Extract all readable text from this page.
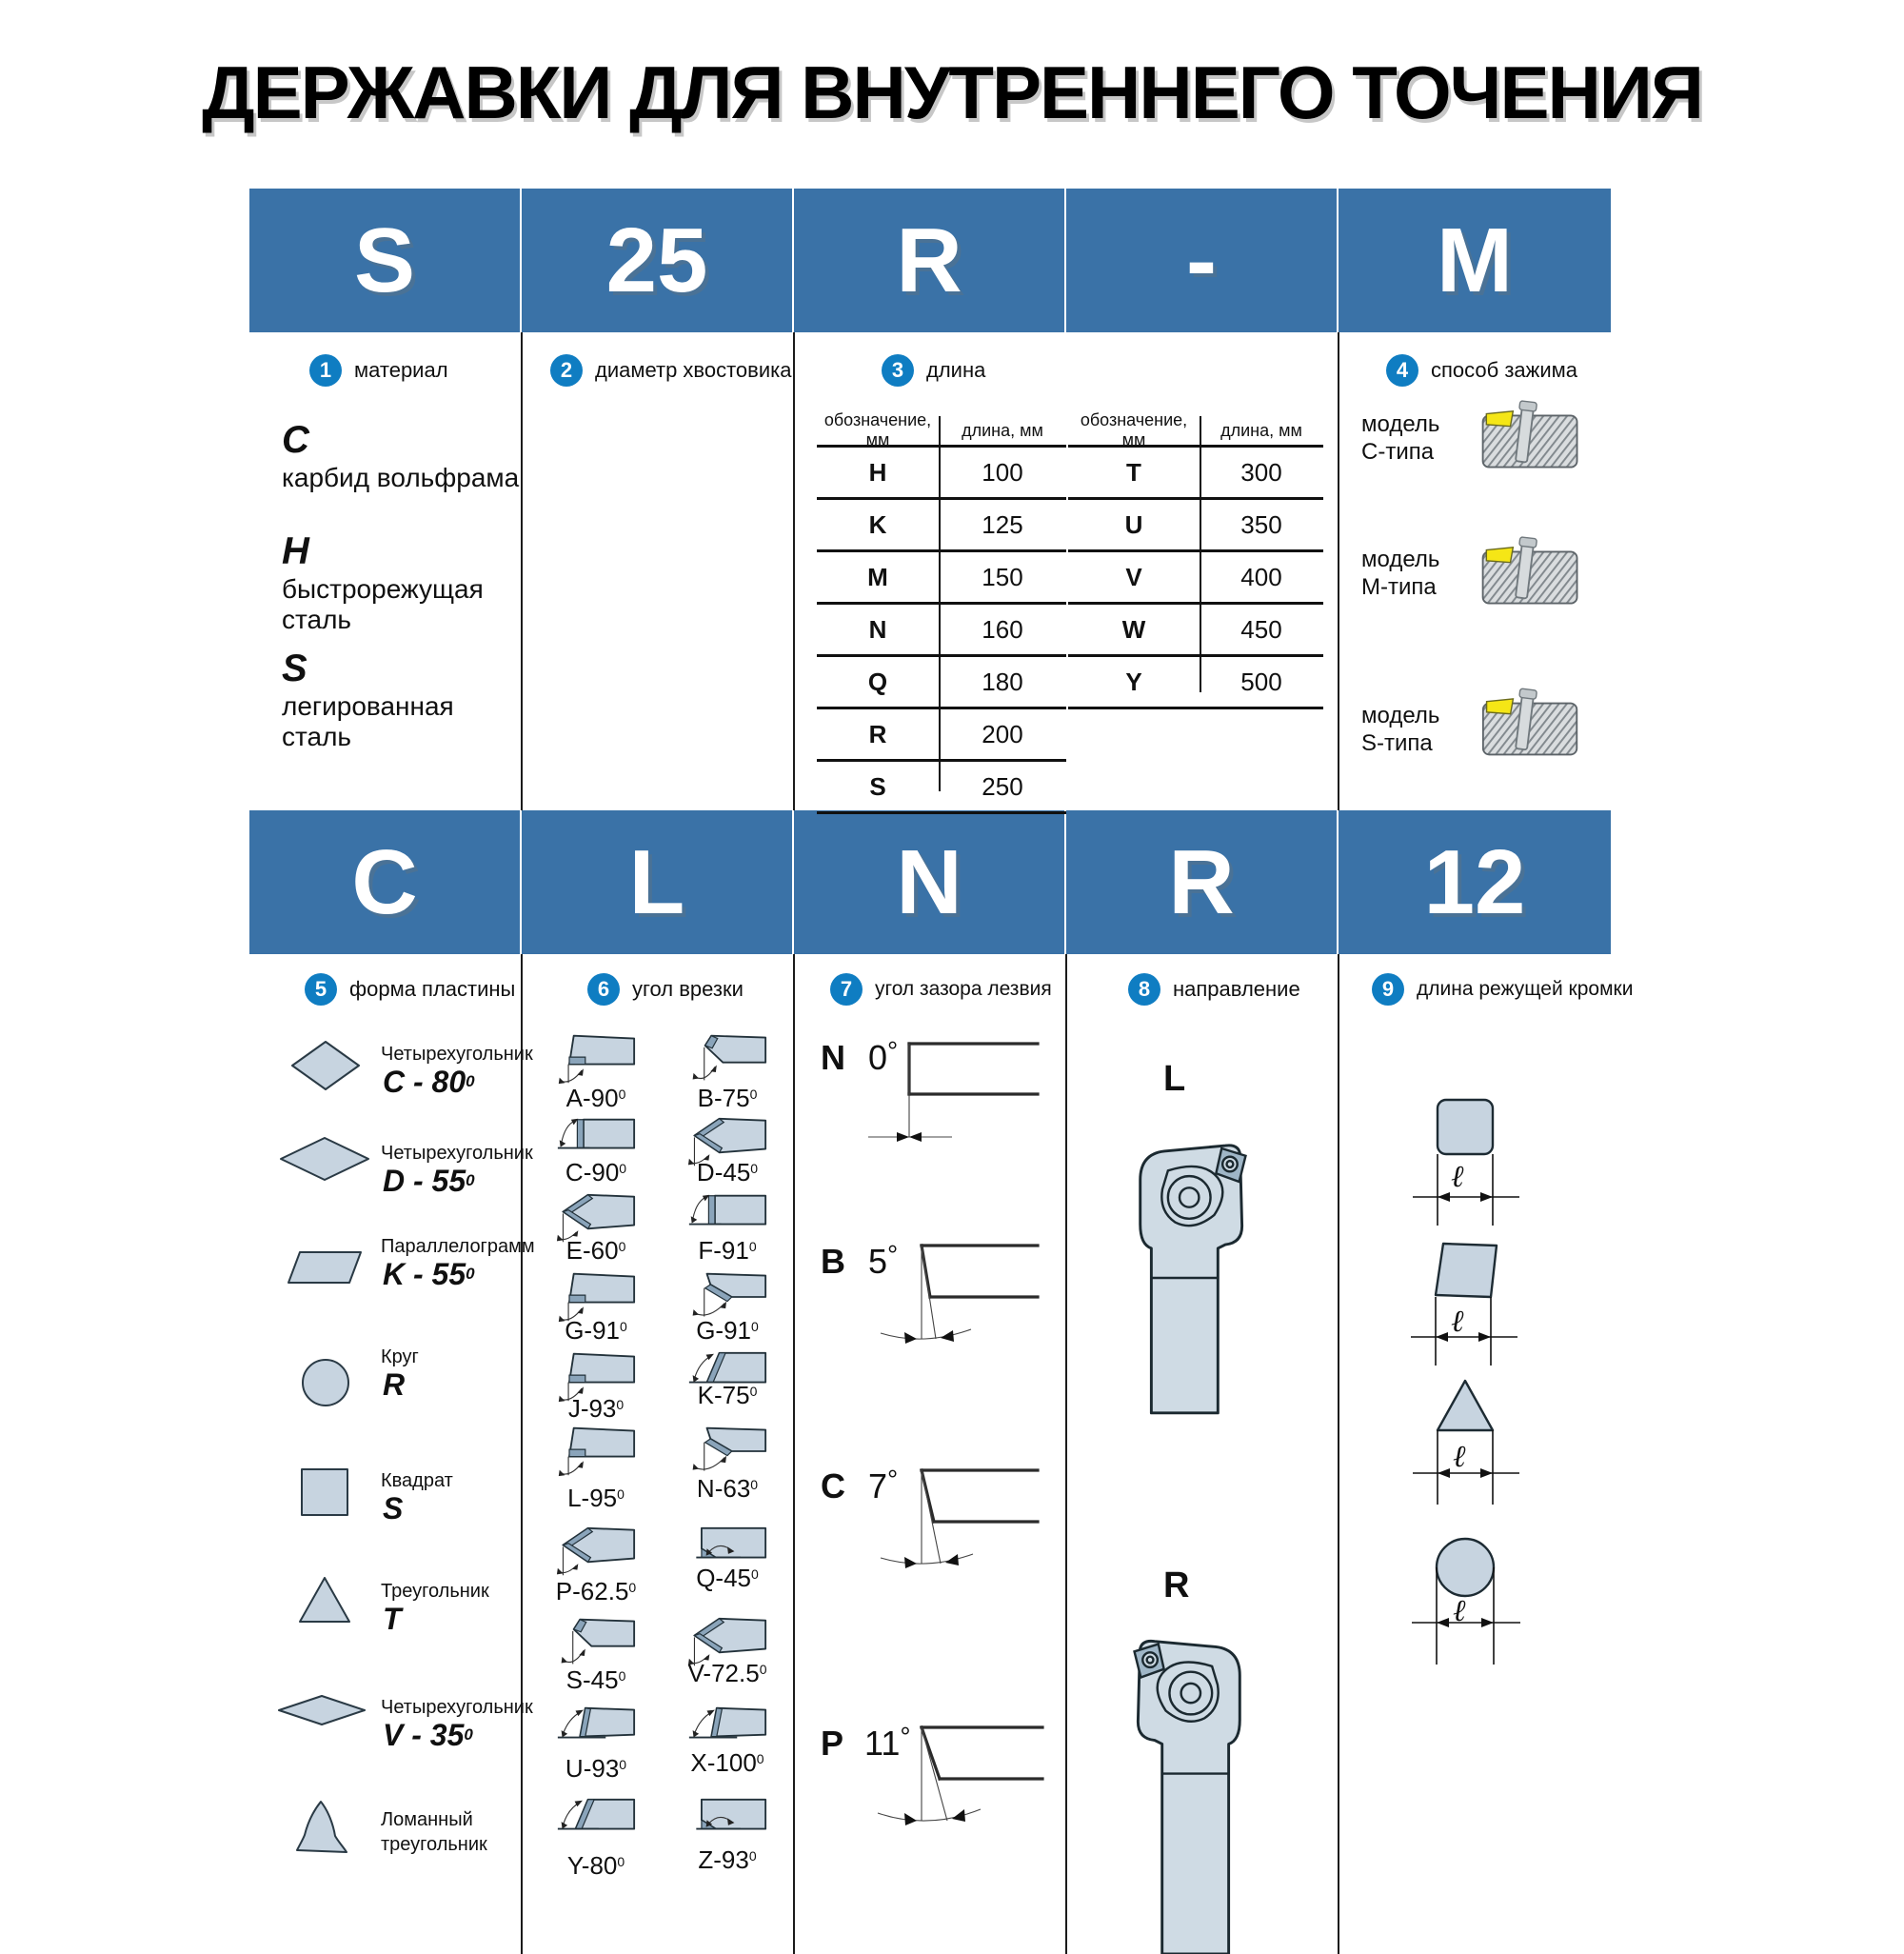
ДЕРЖАВКИ ДЛЯ ВНУТРЕННЕГО ТОЧЕНИЯ
S 25 R - M
C L N R 12
1	материал	2	диаметр хвостовика	3	длина	4	способ зажима
C
карбид вольфрама
H
быстрорежущая
сталь
S
легированная
сталь
обозначение, мм
длина, мм
H	100
K	125
M	150
N	160
Q	180
R	200
S	250
обозначение, мм
длина, мм
T	300
U	350
V	400
W	450
Y	500
модель
C-типа
модель
M-типа
модель
S-типа
5	форма пластины	6	угол врезки	7	угол зазора лезвия	8	направление	9	длина режущей кромки
Четырехугольник
C - $80^0$
Четырехугольник
D - $55^0$
Параллелограмм
K - $55^0$
Круг
R
Квадрат
S
Треугольник
T
Четырехугольник
V - $35^0$
Ломанный
треугольник
$A-90^0$	$B-75^0$
$C-90^0$	$D-45^0$
$E-60^0$	$F-91^0$
$G-91^0$	$G-91^0$
$J-93^0$	$K-75^0$
$L-95^0$	$N-63^0$
P-62.5$^0$	$Q-45^0$
$S-45^0$	V-72.5$^0$
$U-93^0$	$X-100^0$
$Y-80^0$	$Z-93^0$
N 0°
B 5°
C 7°
P 11°
L
R
ℓ
ℓ
ℓ
ℓ
